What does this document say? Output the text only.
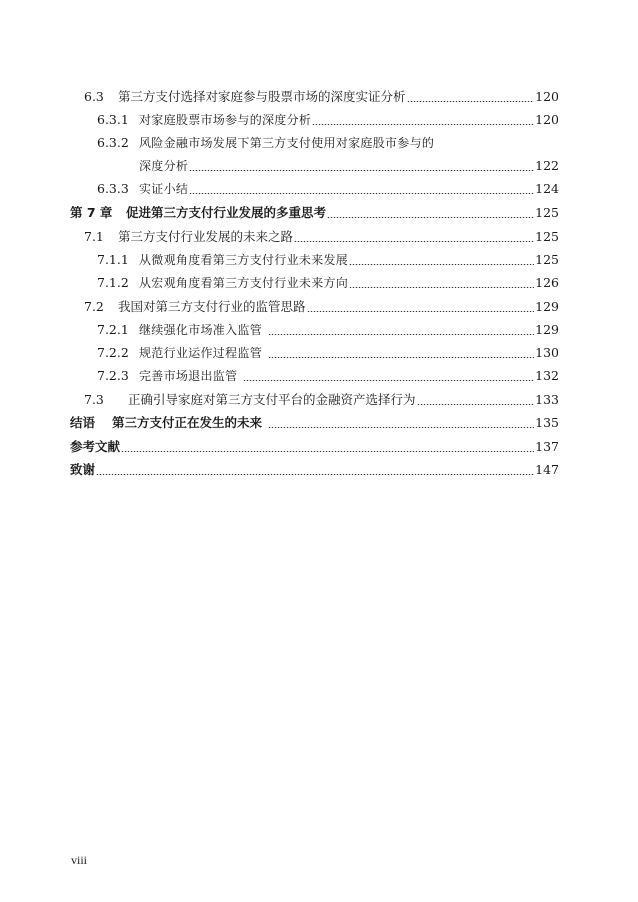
6.3	第三方支付选择对家庭参与股票市场的深度实证分析	120
6.3.1 对家庭股票市场参与的深度分析	120
6.3.2 风险金融市场发展下第三方支付使用对家庭股市参与的
深度分析	122
6.3.3 实证小结	124
第 7 章	促进第三方支付行业发展的多重思考	125
7.1	第三方支付行业发展的未来之路	125
7.1.1 从微观角度看第三方支付行业未来发展	125
7.1.2 从宏观角度看第三方支付行业未来方向	126
7.2	我国对第三方支付行业的监管思路	129
7.2.1 继续强化市场准入监管	129
7.2.2 规范行业运作过程监管	130
7.2.3 完善市场退出监管	132
7.3	正确引导家庭对第三方支付平台的金融资产选择行为	133
结语	第三方支付正在发生的未来	135
参考文献	137
致谢	147
viii
